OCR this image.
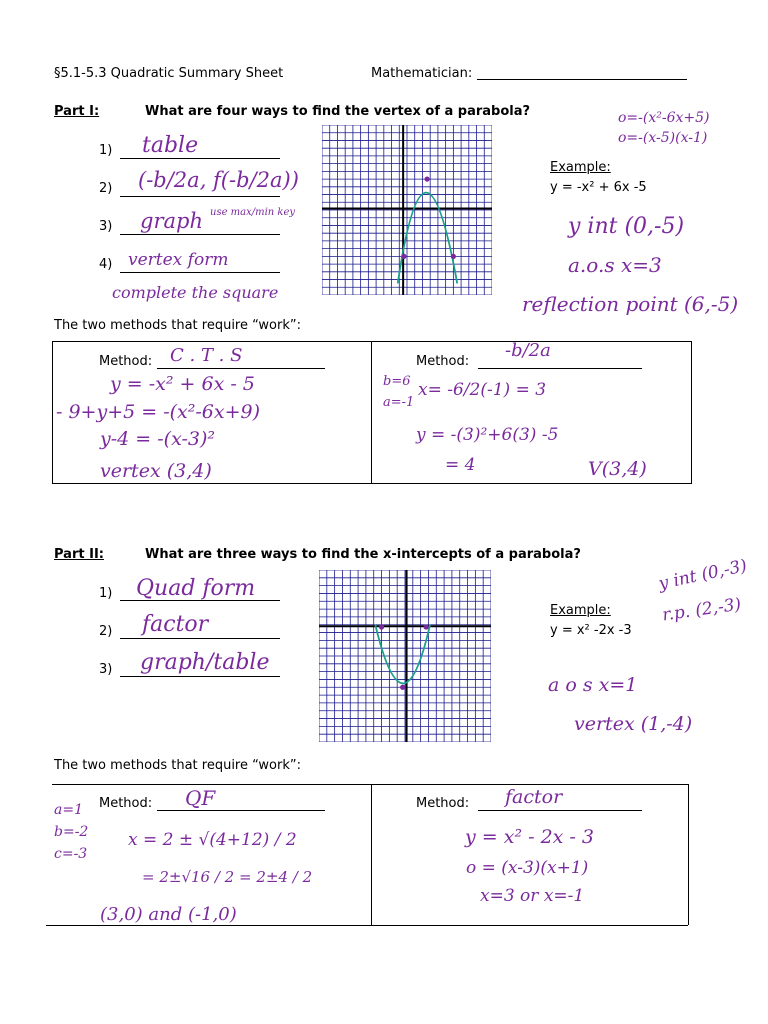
§5.1-5.3 Quadratic Summary Sheet	Mathematician:
Part I:	What are four ways to find the vertex of a parabola?	o=-(x²-6x+5)
o=-(x-5)(x-1)
1) table
2) (-b/2a, f(-b/2a))
3) graph use max/min key
4) vertex form
complete the square
Example:
y = -x² + 6x -5
y int (0,-5)
a.o.s x=3
reflection point (6,-5)
The two methods that require “work”:
Method: C . T . S
y = -x² + 6x - 5
- 9+y+5 = -(x²-6x+9)
y-4 = -(x-3)²
vertex (3,4)
Method:
-b/2a
b=6
a=-1
x= -6/2(-1) = 3
y = -(3)²+6(3) -5
= 4	V(3,4)
Part II:	What are three ways to find the x-intercepts of a parabola?
1) Quad form
2) factor
3) graph/table
Example:
y = x² -2x -3
y int (0,-3)
r.p. (2,-3)
a o s x=1
vertex (1,-4)
The two methods that require “work”:
a=1
b=-2
c=-3
Method: QF
x = 2 ± √(4+12) / 2
= 2±√16 / 2 = 2±4 / 2
(3,0) and (-1,0)
Method: factor
y = x² - 2x - 3
o = (x-3)(x+1)
x=3 or x=-1
